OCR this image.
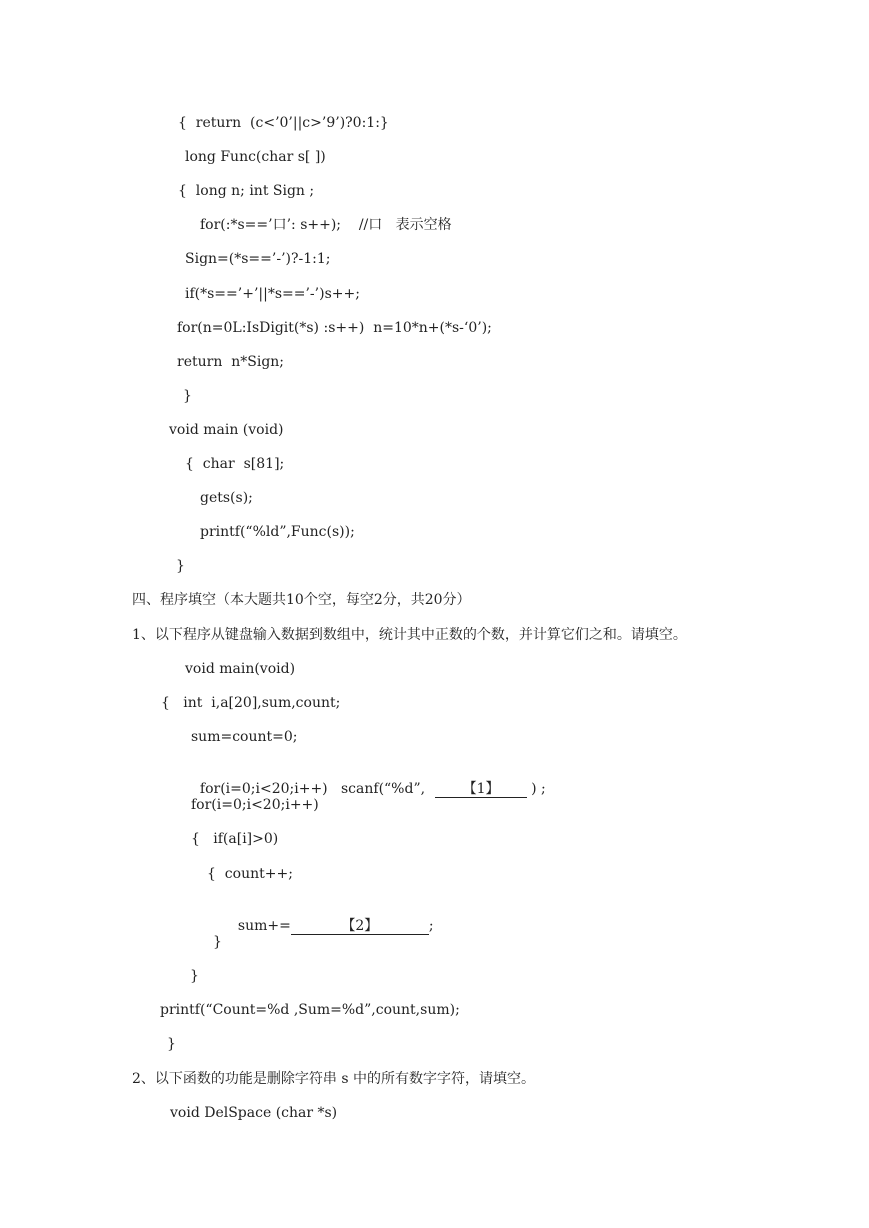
{  return  (c<’0’||c>’9’)?0:1:}
long Func(char s[ ])
{  long n; int Sign ;
for(:*s==’口’: s++);    //口   表示空格
Sign=(*s==’-’)?-1:1;
if(*s==’+’||*s==’-’)s++;
for(n=0L:IsDigit(*s) :s++)  n=10*n+(*s-‘0’);
return  n*Sign;
}
void main (void)
{  char  s[81];
gets(s);
printf(“%ld”,Func(s));
}
四、程序填空（本大题共10个空，每空2分，共20分）
1、以下程序从键盘输入数据到数组中，统计其中正数的个数，并计算它们之和。请填空。
void main(void)
{   int  i,a[20],sum,count;
sum=count=0;

for(i=0;i<20;i++)   scanf(“%d”,	【1】 ) ;

for(i=0;i<20;i++)
{   if(a[i]>0)
{  count++;

sum+=	【2】	;

}
}
printf(“Count=%d ,Sum=%d”,count,sum);
}
2、以下函数的功能是删除字符串 s 中的所有数字字符，请填空。
void DelSpace (char *s)
